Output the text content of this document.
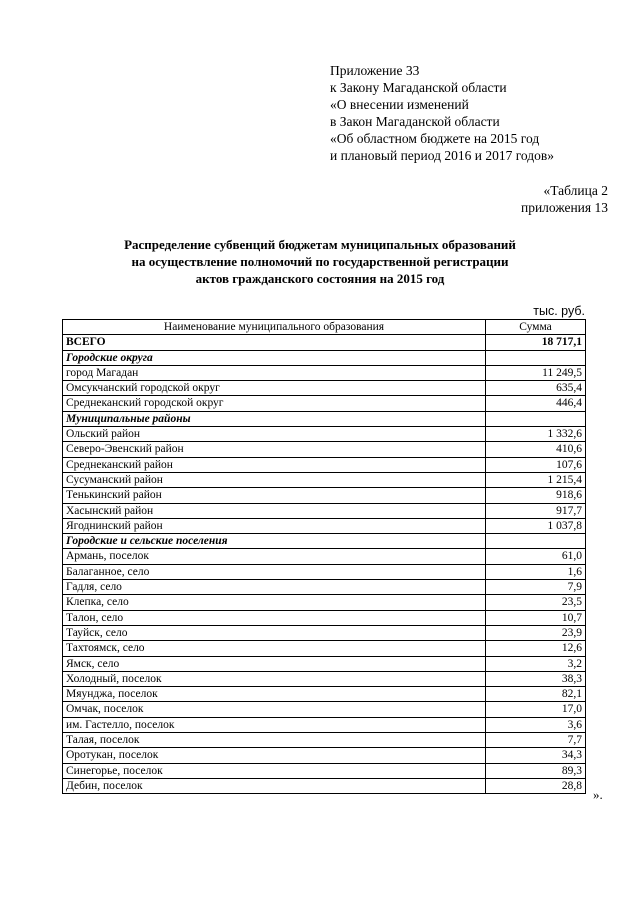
Приложение 33
к Закону Магаданской области
«О внесении изменений
в Закон Магаданской области
«Об областном бюджете на 2015 год
и плановый период 2016 и 2017 годов»
«Таблица 2
приложения 13
Распределение субвенций бюджетам муниципальных образований
на осуществление полномочий по государственной регистрации
актов гражданского состояния на 2015 год
тыс. руб.
Наименование муниципального образования	Сумма
ВСЕГО	18 717,1
Городские округа	
город Магадан	11 249,5
Омсукчанский городской округ	635,4
Среднеканский городской округ	446,4
Муниципальные районы	
Ольский район	1 332,6
Северо-Эвенский район	410,6
Среднеканский район	107,6
Сусуманский район	1 215,4
Тенькинский район	918,6
Хасынский район	917,7
Ягоднинский район	1 037,8
Городские и сельские поселения	
Армань, поселок	61,0
Балаганное, село	1,6
Гадля, село	7,9
Клепка, село	23,5
Талон, село	10,7
Тауйск, село	23,9
Тахтоямск, село	12,6
Ямск, село	3,2
Холодный, поселок	38,3
Мяунджа, поселок	82,1
Омчак, поселок	17,0
им. Гастелло, поселок	3,6
Талая, поселок	7,7
Оротукан, поселок	34,3
Синегорье, поселок	89,3
Дебин, поселок	28,8
».
